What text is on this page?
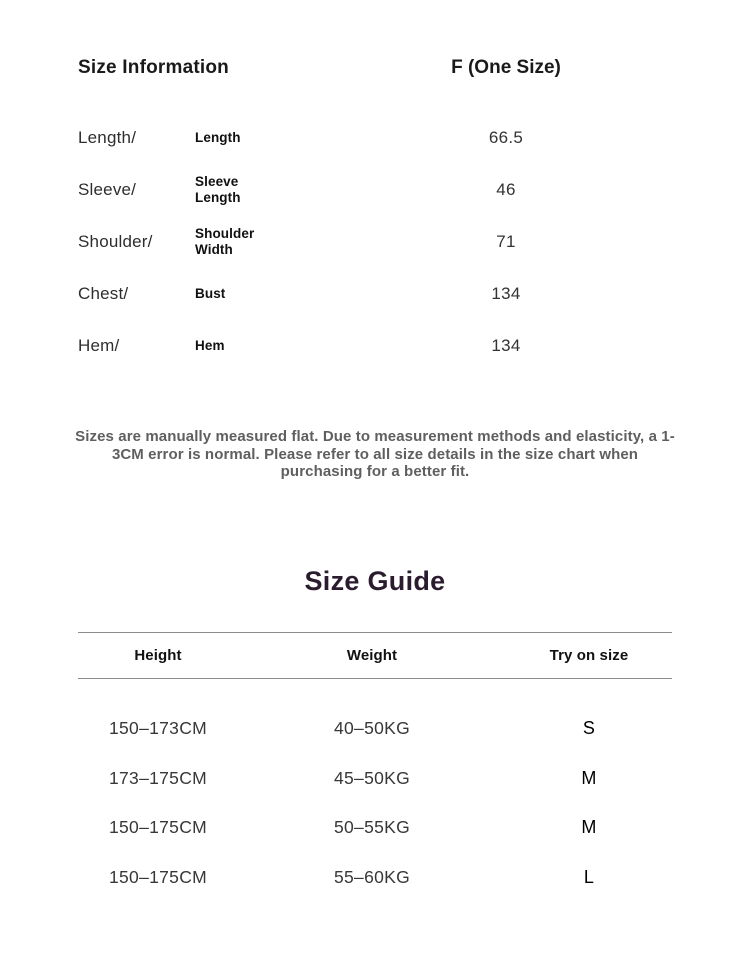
Size Information	F (One Size)
Length/	Length	66.5
Sleeve/	Sleeve Length	46
Shoulder/	Shoulder Width	71
Chest/	Bust	134
Hem/	Hem	134

Sizes are manually measured flat. Due to measurement methods and elasticity, a 1-3CM error is normal. Please refer to all size details in the size chart when purchasing for a better fit.

Size Guide
Height	Weight	Try on size
150–173CM	40–50KG	S
173–175CM	45–50KG	M
150–175CM	50–55KG	M
150–175CM	55–60KG	L
